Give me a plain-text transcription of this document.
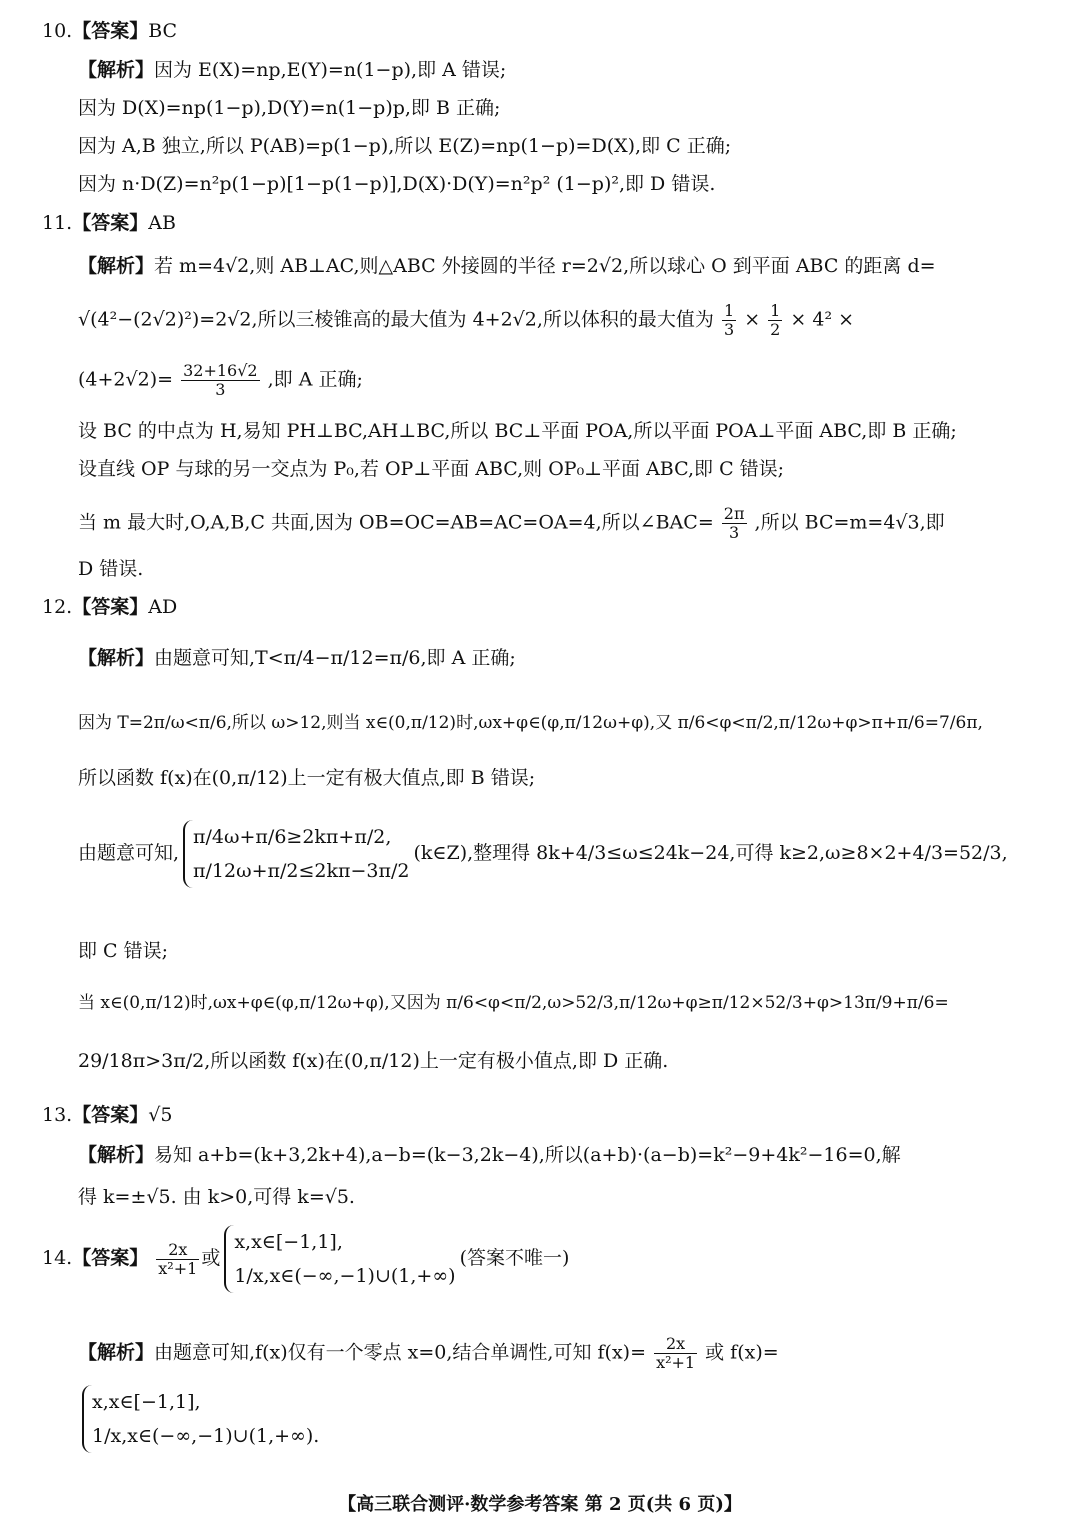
10.【答案】BC
【解析】因为 E(X)=np,E(Y)=n(1−p),即 A 错误;
因为 D(X)=np(1−p),D(Y)=n(1−p)p,即 B 正确;
因为 A,B 独立,所以 P(AB)=p(1−p),所以 E(Z)=np(1−p)=D(X),即 C 正确;
因为 n·D(Z)=n²p(1−p)[1−p(1−p)],D(X)·D(Y)=n²p² (1−p)²,即 D 错误.
11.【答案】AB
【解析】若 m=4√2,则 AB⊥AC,则△ABC 外接圆的半径 r=2√2,所以球心 O 到平面 ABC 的距离 d=
√(4²−(2√2)²)=2√2,所以三棱锥高的最大值为 4+2√2,所以体积的最大值为 $\frac{1}{3} \times \frac{1}{2} \times 4^2$ ×
$(4+2√2)= \frac{32+16√2}{3}$ ,即 A 正确;
设 BC 的中点为 H,易知 PH⊥BC,AH⊥BC,所以 BC⊥平面 POA,所以平面 POA⊥平面 ABC,即 B 正确;
设直线 OP 与球的另一交点为 P₀,若 OP⊥平面 ABC,则 OP₀⊥平面 ABC,即 C 错误;
当 m 最大时,O,A,B,C 共面,因为 OB=OC=AB=AC=OA=4,所以∠BAC= $\frac{2\pi}{3}$ ,所以 BC=m=4√3,即
D 错误.
12.【答案】AD
【解析】由题意可知,T<π/4−π/12=π/6,即 A 正确;
因为 T=2π/ω<π/6,所以 ω>12,则当 x∈(0,π/12)时,ωx+φ∈(φ,π/12ω+φ),又 π/6<φ<π/2,π/12ω+φ>π+π/6=7/6π,
所以函数 f(x)在(0,π/12)上一定有极大值点,即 B 错误;
由题意可知,
π/4ω+π/6≥2kπ+π/2,
π/12ω+π/2≤2kπ−3π/2
(k∈Z),整理得 8k+4/3≤ω≤24k−24,可得 k≥2,ω≥8×2+4/3=52/3,
即 C 错误;
当 x∈(0,π/12)时,ωx+φ∈(φ,π/12ω+φ),又因为 π/6<φ<π/2,ω>52/3,π/12ω+φ≥π/12×52/3+φ>13π/9+π/6=
29/18π>3π/2,所以函数 f(x)在(0,π/12)上一定有极小值点,即 D 正确.
13.【答案】√5
【解析】易知 a+b=(k+3,2k+4),a−b=(k−3,2k−4),所以(a+b)·(a−b)=k²−9+4k²−16=0,解
得 k=±√5. 由 k>0,可得 k=√5.
14.【答案】 $\frac{2x}{\text{x²+1}}$ 或
x,x∈[−1,1],
1/x,x∈(−∞,−1)∪(1,+∞)
(答案不唯一)
【解析】由题意可知,f(x)仅有一个零点 x=0,结合单调性,可知 $f(x)= \frac{2x}{\text{x²+1}}$ 或 f(x)=
x,x∈[−1,1],
1/x,x∈(−∞,−1)∪(1,+∞).
【高三联合测评·数学参考答案 第 2 页(共 6 页)】
